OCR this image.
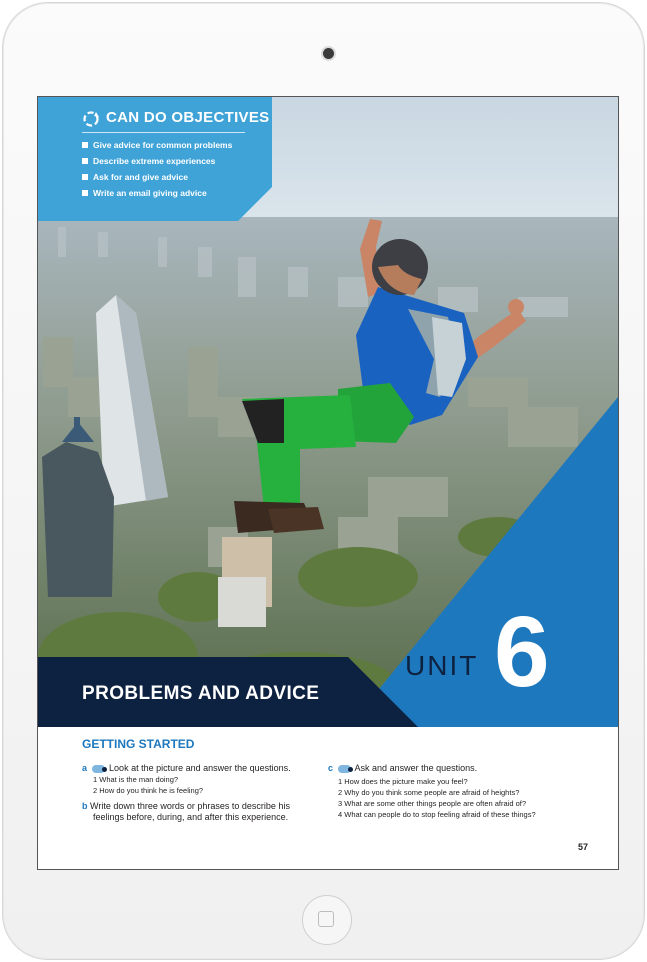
CAN DO OBJECTIVES
Give advice for common problems
Describe extreme experiences
Ask for and give advice
Write an email giving advice
UNIT 6
PROBLEMS AND ADVICE
GETTING STARTED
a Look at the picture and answer the questions.
1 What is the man doing?
2 How do you think he is feeling?
b Write down three words or phrases to describe his
feelings before, during, and after this experience.
c Ask and answer the questions.
1 How does the picture make you feel?
2 Why do you think some people are afraid of heights?
3 What are some other things people are often afraid of?
4 What can people do to stop feeling afraid of these things?
57
